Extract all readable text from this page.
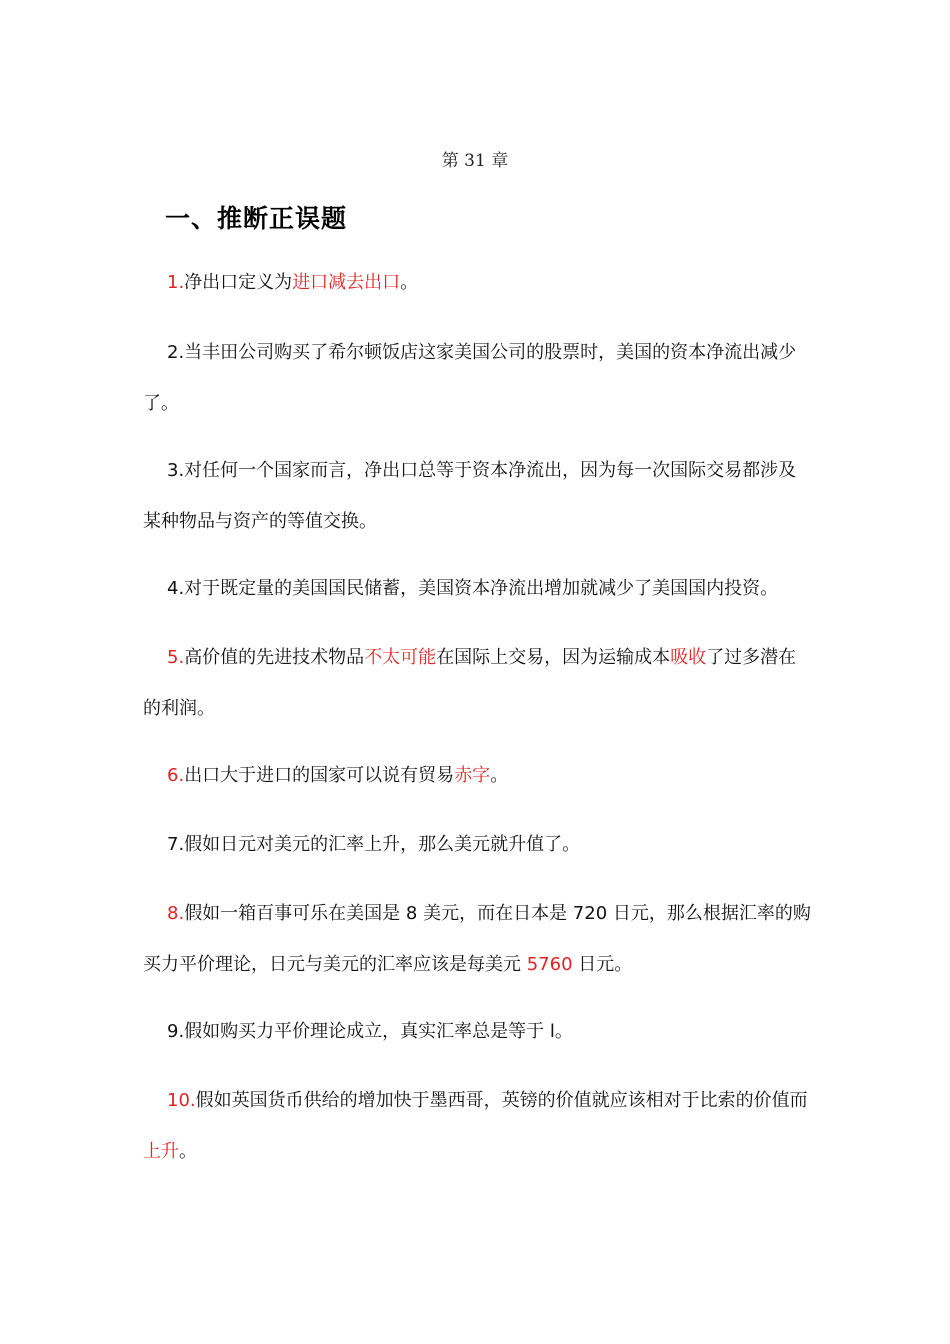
第 31 章
一、推断正误题
1.净出口定义为进口减去出口。
2.当丰田公司购买了希尔顿饭店这家美国公司的股票时，美国的资本净流出减少了。
3.对任何一个国家而言，净出口总等于资本净流出，因为每一次国际交易都涉及某种物品与资产的等值交换。
4.对于既定量的美国国民储蓄，美国资本净流出增加就减少了美国国内投资。
5.高价值的先进技术物品不太可能在国际上交易，因为运输成本吸收了过多潜在的利润。
6.出口大于进口的国家可以说有贸易赤字。
7.假如日元对美元的汇率上升，那么美元就升值了。
8.假如一箱百事可乐在美国是 8 美元，而在日本是 720 日元，那么根据汇率的购买力平价理论，日元与美元的汇率应该是每美元 5760 日元。
9.假如购买力平价理论成立，真实汇率总是等于 l。
10.假如英国货币供给的增加快于墨西哥，英镑的价值就应该相对于比索的价值而上升。
